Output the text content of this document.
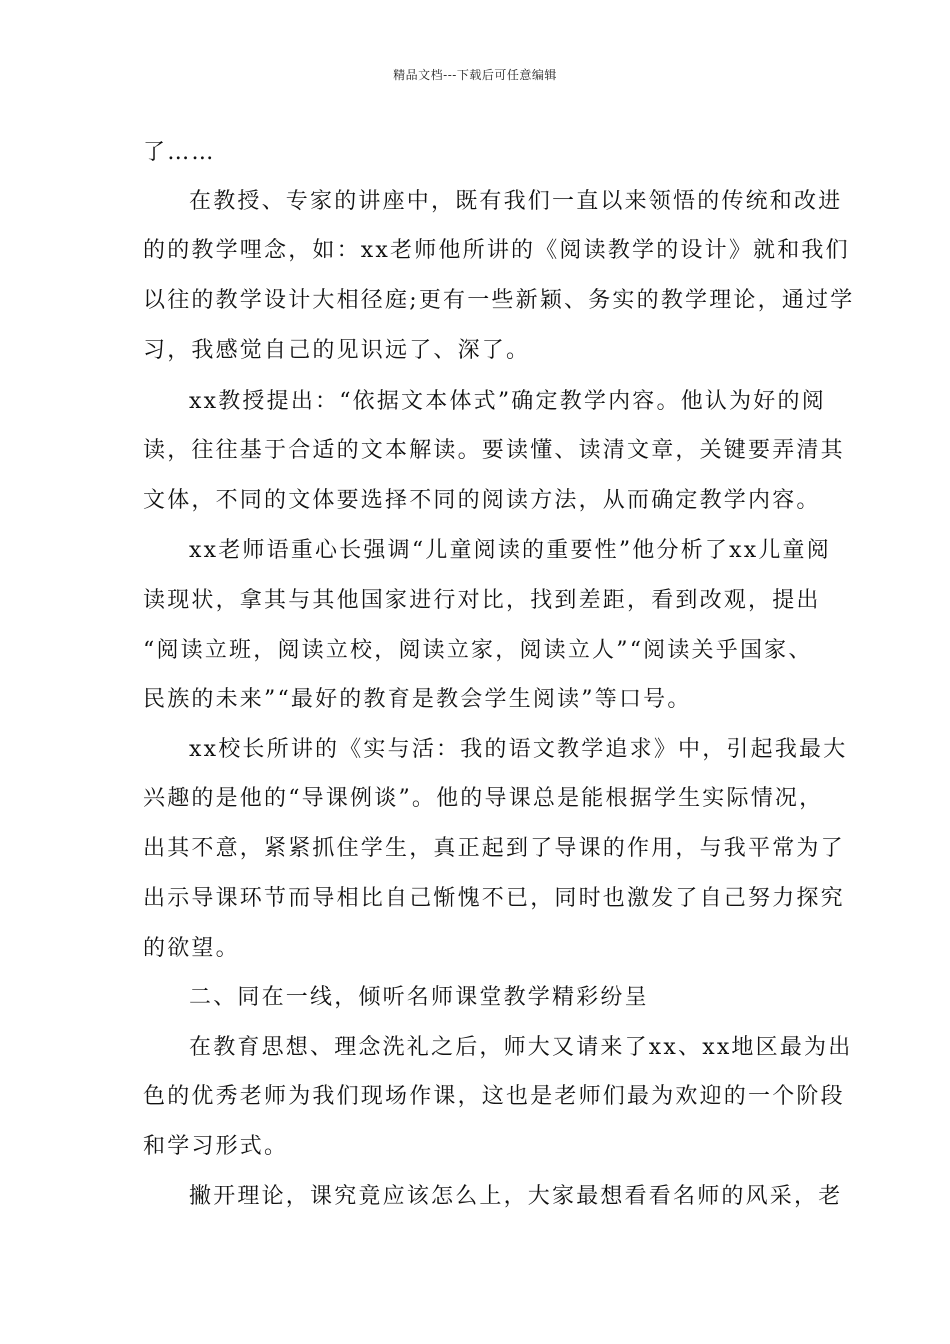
精品文档---下载后可任意编辑
了……
在教授、专家的讲座中，既有我们一直以来领悟的传统和改进
的的教学哩念，如：xx老师他所讲的《阅读教学的设计》就和我们
以往的教学设计大相径庭;更有一些新颖、务实的教学理论，通过学
习，我感觉自己的见识远了、深了。
xx教授提出：“依据文本体式”确定教学内容。他认为好的阅
读，往往基于合适的文本解读。要读懂、读清文章，关键要弄清其
文体，不同的文体要选择不同的阅读方法，从而确定教学内容。
xx老师语重心长强调“儿童阅读的重要性”他分析了xx儿童阅
读现状，拿其与其他国家进行对比，找到差距，看到改观，提出
“阅读立班，阅读立校，阅读立家，阅读立人”“阅读关乎国家、
民族的未来”“最好的教育是教会学生阅读”等口号。
xx校长所讲的《实与活：我的语文教学追求》中，引起我最大
兴趣的是他的“导课例谈”。他的导课总是能根据学生实际情况，
出其不意，紧紧抓住学生，真正起到了导课的作用，与我平常为了
出示导课环节而导相比自己惭愧不已，同时也激发了自己努力探究
的欲望。
二、同在一线，倾听名师课堂教学精彩纷呈
在教育思想、理念洗礼之后，师大又请来了xx、xx地区最为出
色的优秀老师为我们现场作课，这也是老师们最为欢迎的一个阶段
和学习形式。
撇开理论，课究竟应该怎么上，大家最想看看名师的风采，老
